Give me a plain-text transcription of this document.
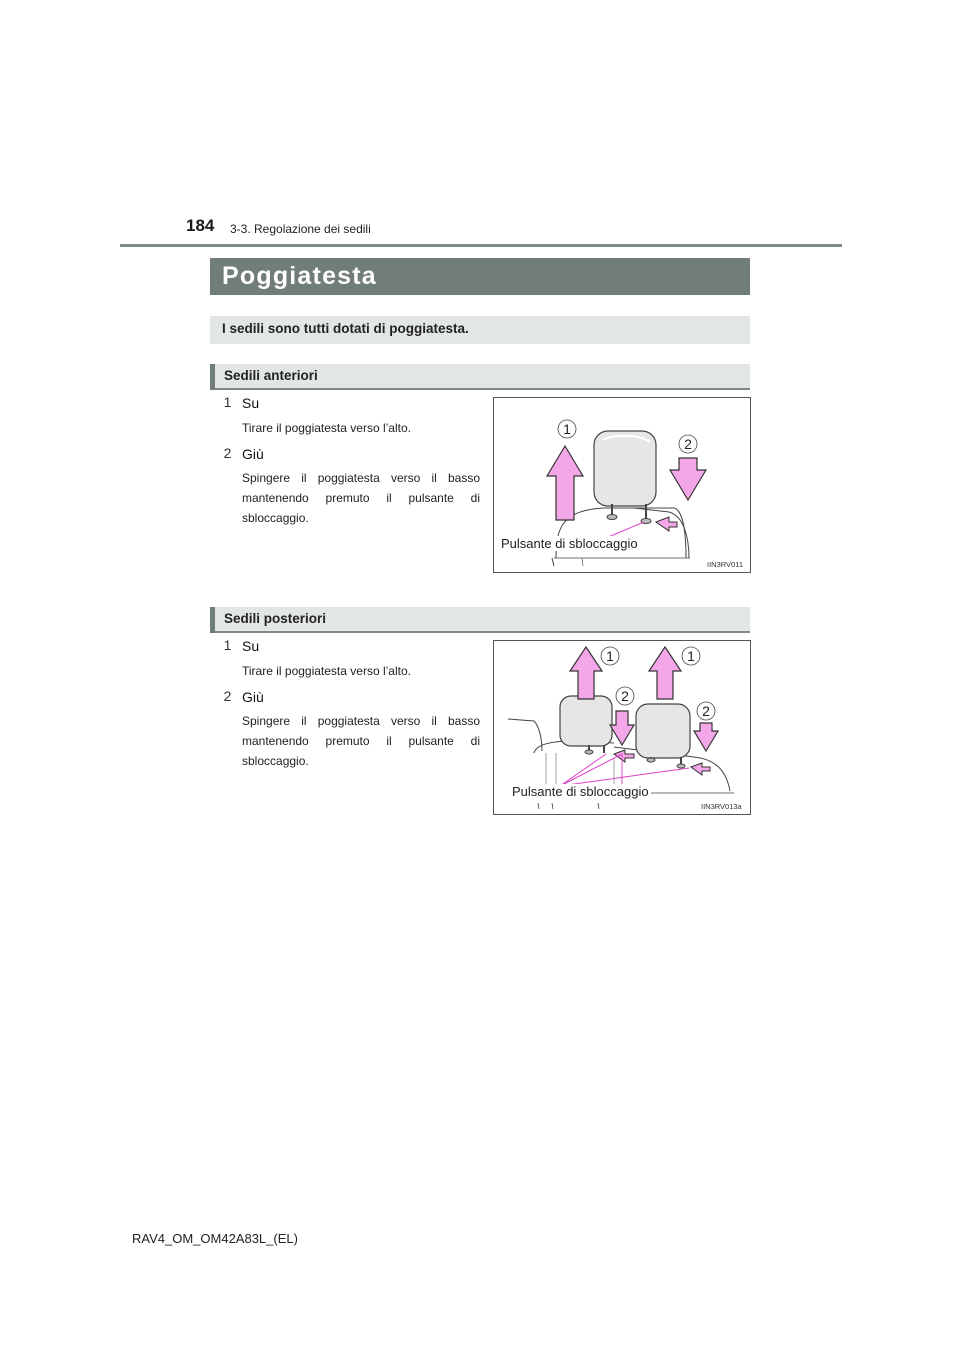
184 3-3. Regolazione dei sedili
Poggiatesta
I sedili sono tutti dotati di poggiatesta.
Sedili anteriori
1 Su
Tirare il poggiatesta verso l’alto.
2 Giù
Spingere il poggiatesta verso il basso mantenendo premuto il pulsante di sbloccaggio.
1
2
Pulsante di sbloccaggio
IIN3RV011
Sedili posteriori
1 Su
Tirare il poggiatesta verso l’alto.
2 Giù
Spingere il poggiatesta verso il basso mantenendo premuto il pulsante di sbloccaggio.
1	1
2
2
Pulsante di sbloccaggio
IIN3RV013a
RAV4_OM_OM42A83L_(EL)
